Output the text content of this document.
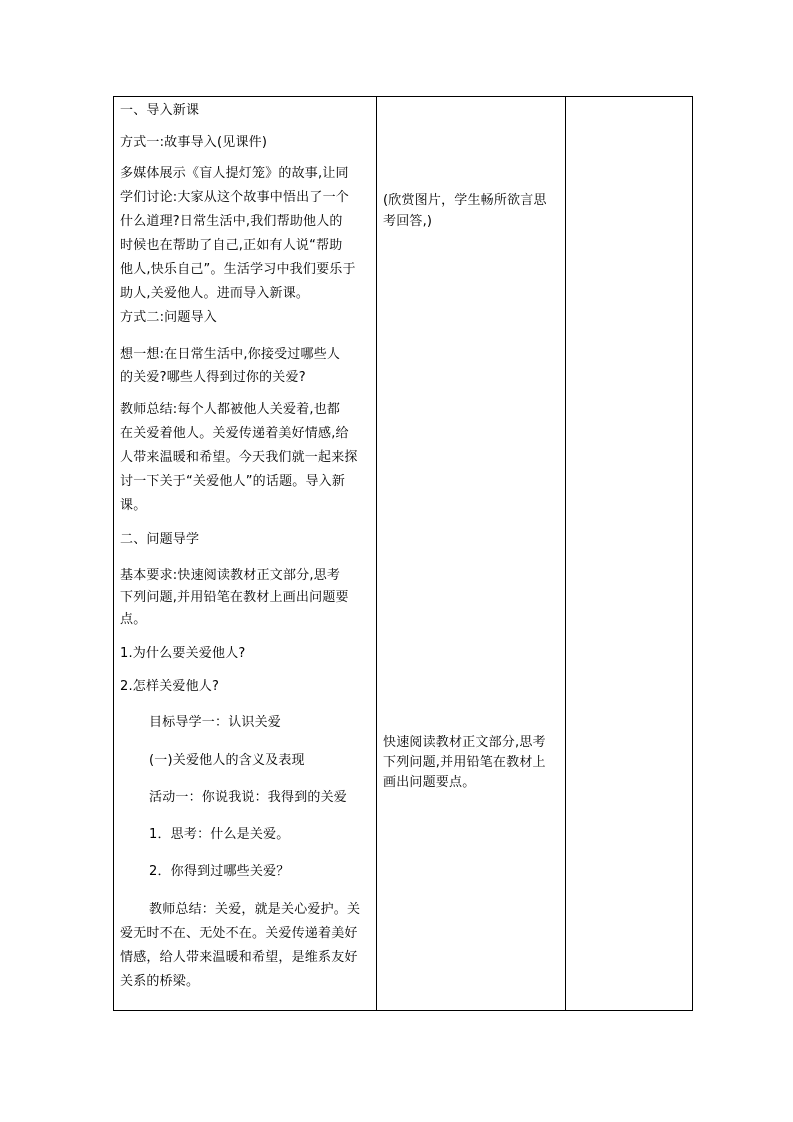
一、导入新课
方式一:故事导入(见课件)
多媒体展示《盲人提灯笼》的故事,让同
学们讨论:大家从这个故事中悟出了一个
什么道理?日常生活中,我们帮助他人的
时候也在帮助了自己,正如有人说“帮助
他人,快乐自己”。生活学习中我们要乐于
助人,关爱他人。进而导入新课。
方式二:问题导入
想一想:在日常生活中,你接受过哪些人
的关爱?哪些人得到过你的关爱?
教师总结:每个人都被他人关爱着,也都
在关爱着他人。关爱传递着美好情感,给
人带来温暖和希望。今天我们就一起来探
讨一下关于“关爱他人”的话题。导入新
课。
二、问题导学
基本要求:快速阅读教材正文部分,思考
下列问题,并用铅笔在教材上画出问题要
点。
1.为什么要关爱他人?
2.怎样关爱他人?
目标导学一：认识关爱
(一)关爱他人的含义及表现
活动一：你说我说：我得到的关爱
1．思考：什么是关爱。
2．你得到过哪些关爱？
教师总结：关爱，就是关心爱护。关
爱无时不在、无处不在。关爱传递着美好
情感，给人带来温暖和希望，是维系友好
关系的桥梁。
(欣赏图片，学生畅所欲言思
考回答,)
快速阅读教材正文部分,思考
下列问题,并用铅笔在教材上
画出问题要点。
